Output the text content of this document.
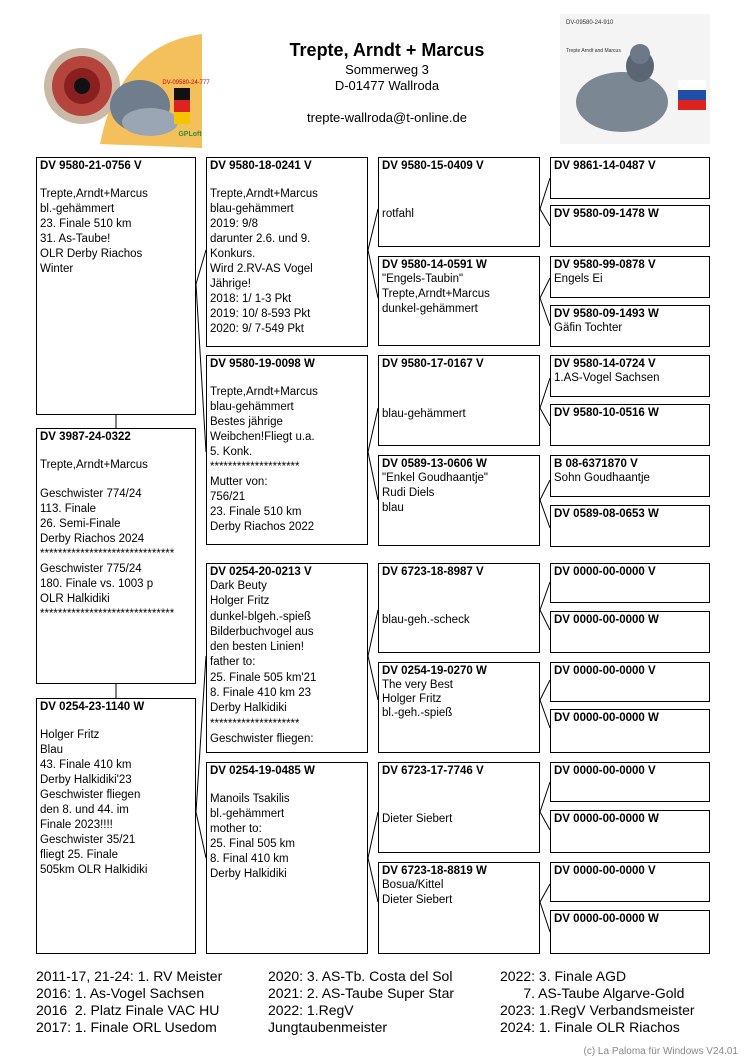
DV-09580-24-777
GPLoft
DV-09580-24-910
Trepte Arndt and Marcus
Trepte, Arndt + Marcus
Sommerweg 3
D-01477 Wallroda
trepte-wallroda@t-online.de
DV 9580-21-0756 V
Trepte,Arndt+Marcus
bl.-gehämmert
23. Finale 510 km
31. As-Taube!
OLR Derby Riachos
Winter
DV 3987-24-0322
Trepte,Arndt+Marcus
Geschwister 774/24
113. Finale
26. Semi-Finale
Derby Riachos 2024
******************************
Geschwister 775/24
180. Finale vs. 1003 p
OLR Halkidiki
******************************
DV 0254-23-1140 W
Holger Fritz
Blau
43. Finale 410 km
Derby Halkidiki'23
Geschwister fliegen
den 8. und 44. im
Finale 2023!!!!
Geschwister 35/21
fliegt 25. Finale
505km OLR Halkidiki
DV 9580-18-0241 V
Trepte,Arndt+Marcus
blau-gehämmert
2019: 9/8
darunter 2.6. und 9.
Konkurs.
Wird 2.RV-AS Vogel
Jährige!
2018: 1/ 1-3 Pkt
2019: 10/ 8-593 Pkt
2020: 9/ 7-549 Pkt
DV 9580-19-0098 W
Trepte,Arndt+Marcus
blau-gehämmert
Bestes jährige
Weibchen!Fliegt u.a.
5. Konk.
********************
Mutter von:
756/21
23. Finale 510 km
Derby Riachos 2022
DV 0254-20-0213 V
Dark Beuty
Holger Fritz
dunkel-blgeh.-spieß
Bilderbuchvogel aus
den besten Linien!
father to:
25. Finale 505 km'21
8. Finale 410 km 23
Derby Halkidiki
********************
Geschwister fliegen:
DV 0254-19-0485 W
Manoils Tsakilis
bl.-gehämmert
mother to:
25. Final 505 km
8. Final 410 km
Derby Halkidiki
DV 9580-15-0409 V
rotfahl
DV 9580-14-0591 W
"Engels-Taubin"
Trepte,Arndt+Marcus
dunkel-gehämmert
DV 9580-17-0167 V
blau-gehämmert
DV 0589-13-0606 W
"Enkel Goudhaantje"
Rudi Diels
blau
DV 6723-18-8987 V
blau-geh.-scheck
DV 0254-19-0270 W
The very Best
Holger Fritz
bl.-geh.-spieß
DV 6723-17-7746 V
Dieter Siebert
DV 6723-18-8819 W
Bosua/Kittel
Dieter Siebert
DV 9861-14-0487 V
DV 9580-09-1478 W
DV 9580-99-0878 V
Engels Ei
DV 9580-09-1493 W
Gäfin Tochter
DV 9580-14-0724 V
1.AS-Vogel Sachsen
DV 9580-10-0516 W
B 08-6371870 V
Sohn Goudhaantje
DV 0589-08-0653 W
DV 0000-00-0000 V
DV 0000-00-0000 W
DV 0000-00-0000 V
DV 0000-00-0000 W
DV 0000-00-0000 V
DV 0000-00-0000 W
DV 0000-00-0000 V
DV 0000-00-0000 W
2011-17, 21-24: 1. RV Meister
2016: 1. As-Vogel Sachsen
2016  2. Platz Finale VAC HU
2017: 1. Finale ORL Usedom
2020: 3. AS-Tb. Costa del Sol
2021: 2. AS-Taube Super Star
2022: 1.RegV
Jungtaubenmeister
2022: 3. Finale AGD
7. AS-Taube Algarve-Gold
2023: 1.RegV Verbandsmeister
2024: 1. Finale OLR Riachos
(c) La Paloma für Windows V24.01
